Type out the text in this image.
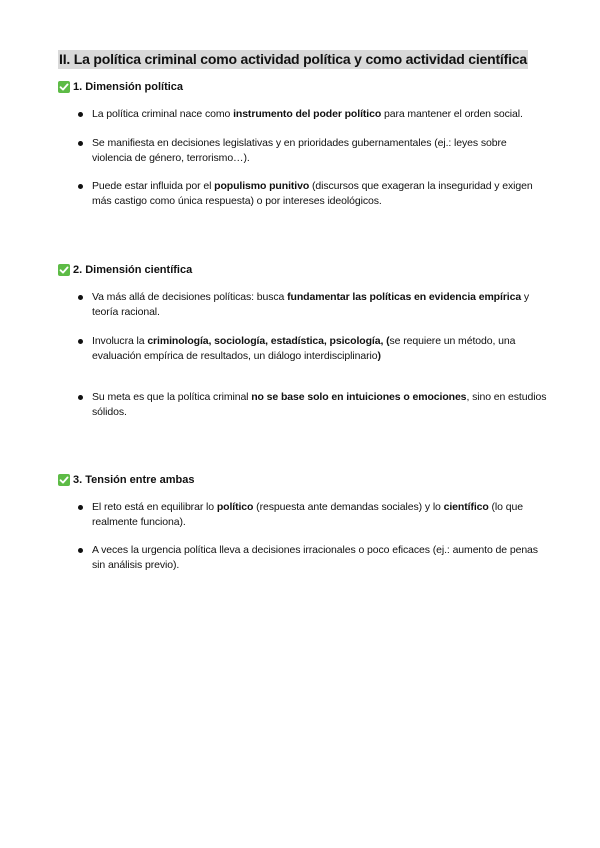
II. La política criminal como actividad política y como actividad científica
1. Dimensión política
La política criminal nace como instrumento del poder político para mantener el orden social.
Se manifiesta en decisiones legislativas y en prioridades gubernamentales (ej.: leyes sobre violencia de género, terrorismo…).
Puede estar influida por el populismo punitivo (discursos que exageran la inseguridad y exigen más castigo como única respuesta) o por intereses ideológicos.
2. Dimensión científica
Va más allá de decisiones políticas: busca fundamentar las políticas en evidencia empírica y teoría racional.
Involucra la criminología, sociología, estadística, psicología, (se requiere un método, una evaluación empírica de resultados, un diálogo interdisciplinario)
Su meta es que la política criminal no se base solo en intuiciones o emociones, sino en estudios sólidos.
3. Tensión entre ambas
El reto está en equilibrar lo político (respuesta ante demandas sociales) y lo científico (lo que realmente funciona).
A veces la urgencia política lleva a decisiones irracionales o poco eficaces (ej.: aumento de penas sin análisis previo).
